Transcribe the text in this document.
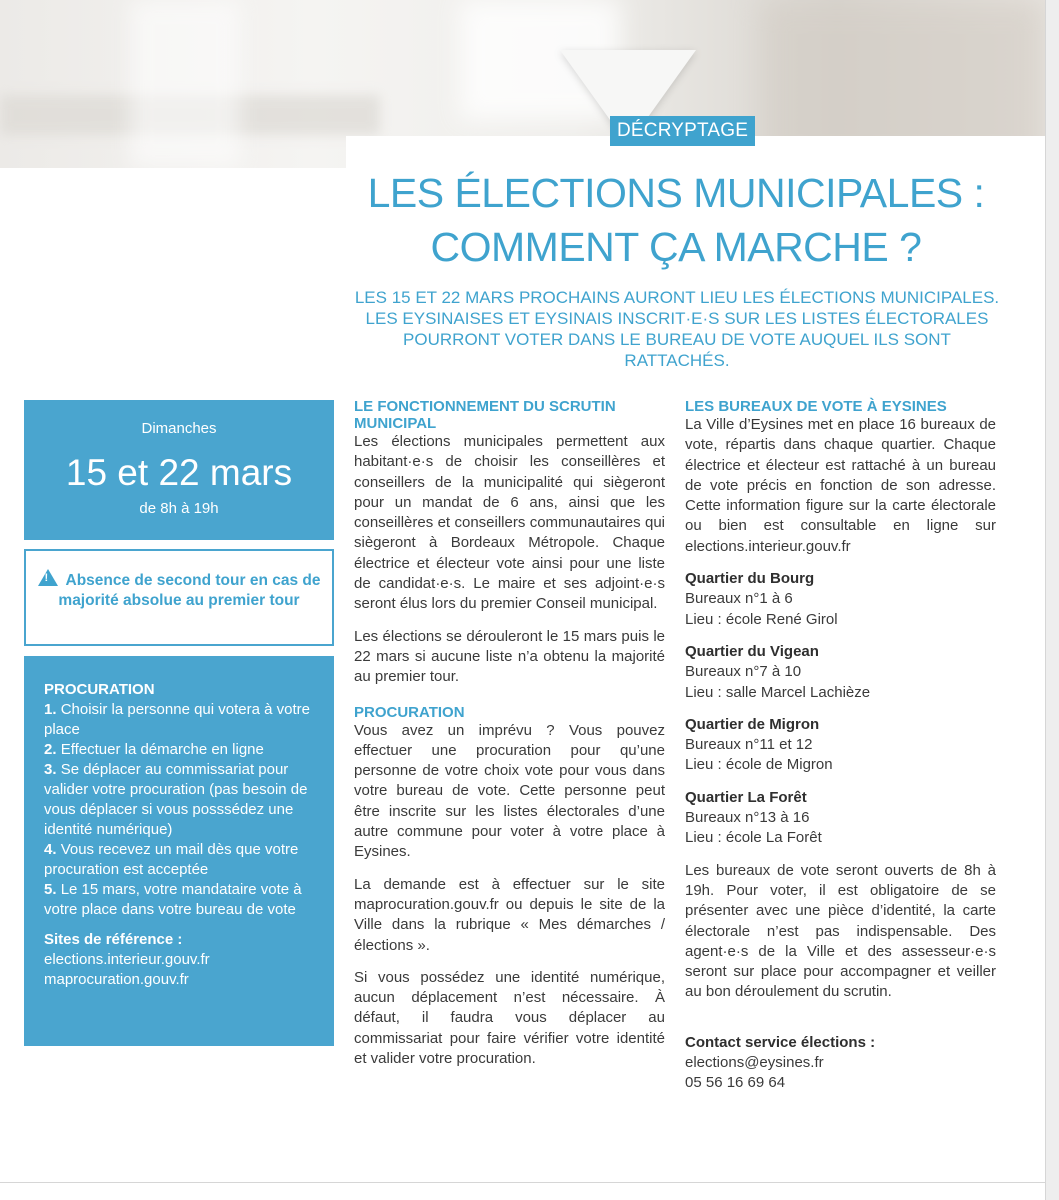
DÉCRYPTAGE
LES ÉLECTIONS MUNICIPALES :
COMMENT ÇA MARCHE ?
LES 15 ET 22 MARS PROCHAINS AURONT LIEU LES ÉLECTIONS MUNICIPALES. LES EYSINAISES ET EYSINAIS INSCRIT·E·S SUR LES LISTES ÉLECTORALES POURRONT VOTER DANS LE BUREAU DE VOTE AUQUEL ILS SONT RATTACHÉS.
Dimanches
15 et 22 mars
de 8h à 19h
!Absence de second tour en cas de majorité absolue au premier tour
PROCURATION
1. Choisir la personne qui votera à votre place
2. Effectuer la démarche en ligne
3. Se déplacer au commissariat pour valider votre procuration (pas besoin de vous déplacer si vous posssédez une identité numérique)
4. Vous recevez un mail dès que votre procuration est acceptée
5. Le 15 mars, votre mandataire vote à votre place dans votre bureau de vote
Sites de référence :
elections.interieur.gouv.fr
maprocuration.gouv.fr
LE FONCTIONNEMENT DU SCRUTIN MUNICIPAL

Les élections municipales permettent aux habitant·e·s de choisir les conseillères et conseillers de la municipalité qui siègeront pour un mandat de 6 ans, ainsi que les conseillères et conseillers communautaires qui siègeront à Bordeaux Métropole. Chaque électrice et électeur vote ainsi pour une liste de candidat·e·s. Le maire et ses adjoint·e·s seront élus lors du premier Conseil municipal.

Les élections se dérouleront le 15 mars puis le 22 mars si aucune liste n’a obtenu la majorité au premier tour.

PROCURATION

Vous avez un imprévu ? Vous pouvez effectuer une procuration pour qu’une personne de votre choix vote pour vous dans votre bureau de vote. Cette personne peut être inscrite sur les listes électorales d’une autre commune pour voter à votre place à Eysines.

La demande est à effectuer sur le site maprocuration.gouv.fr ou depuis le site de la Ville dans la rubrique « Mes démarches / élections ».

Si vous possédez une identité numérique, aucun déplacement n’est nécessaire. À défaut, il faudra vous déplacer au commissariat pour faire vérifier votre identité et valider votre procuration.

LES BUREAUX DE VOTE À EYSINES

La Ville d’Eysines met en place 16 bureaux de vote, répartis dans chaque quartier. Chaque électrice et électeur est rattaché à un bureau de vote précis en fonction de son adresse. Cette information figure sur la carte électorale ou bien est consultable en ligne sur elections.interieur.gouv.fr

Quartier du Bourg
Bureaux n°1 à 6
Lieu : école René Girol
Quartier du Vigean
Bureaux n°7 à 10
Lieu : salle Marcel Lachièze
Quartier de Migron
Bureaux n°11 et 12
Lieu : école de Migron
Quartier La Forêt
Bureaux n°13 à 16
Lieu : école La Forêt

Les bureaux de vote seront ouverts de 8h à 19h. Pour voter, il est obligatoire de se présenter avec une pièce d’identité, la carte électorale n’est pas indispensable. Des agent·e·s de la Ville et des assesseur·e·s seront sur place pour accompagner et veiller au bon déroulement du scrutin.

Contact service élections :
elections@eysines.fr
05 56 16 69 64
